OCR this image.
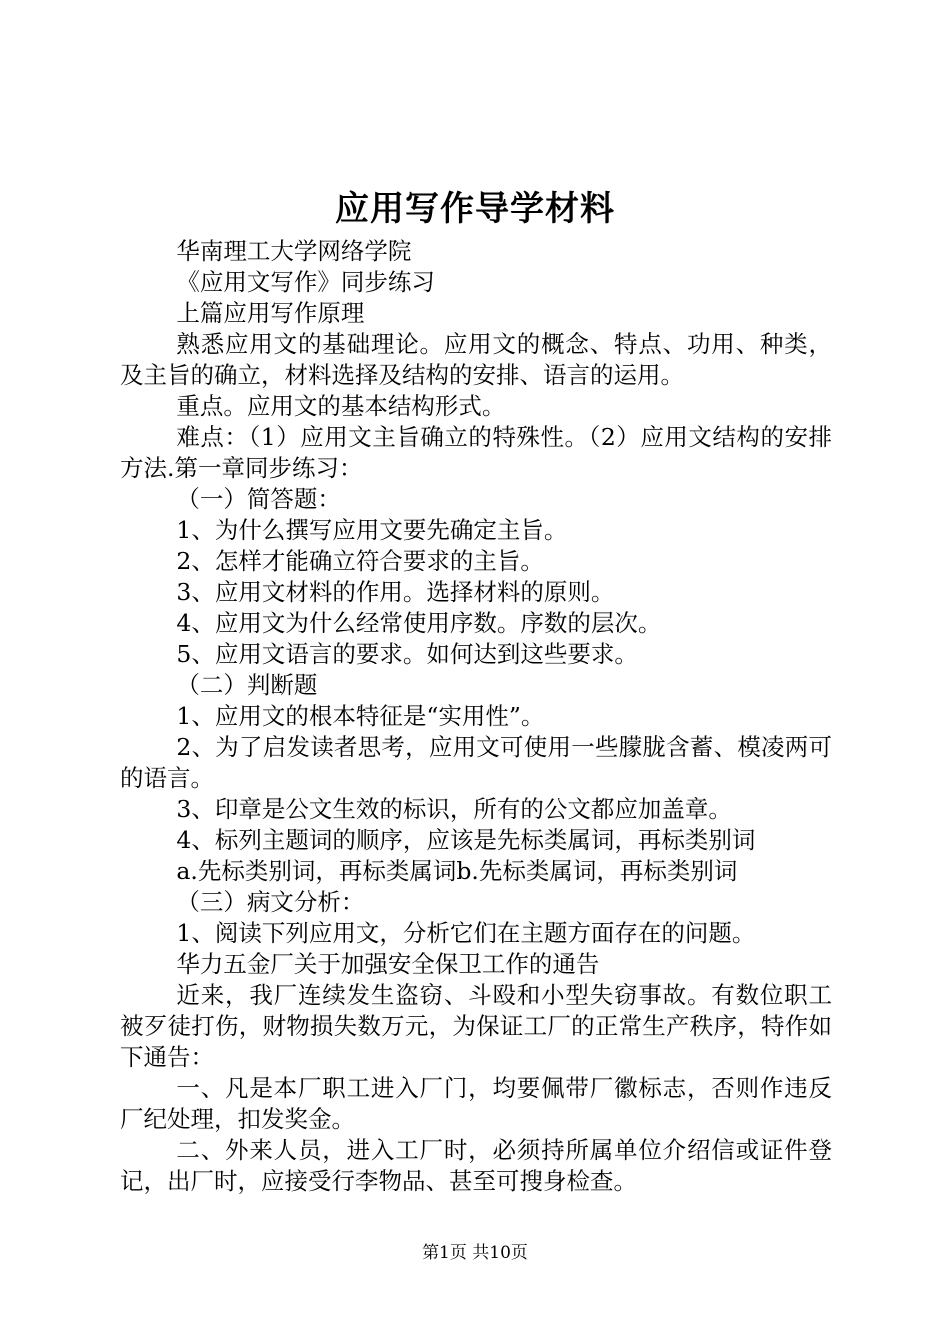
应用写作导学材料

华南理工大学网络学院

《应用文写作》同步练习

上篇应用写作原理

熟悉应用文的基础理论。应用文的概念、特点、功用、种类，及主旨的确立，材料选择及结构的安排、语言的运用。

重点。应用文的基本结构形式。

难点：（1）应用文主旨确立的特殊性。（2）应用文结构的安排方法.第一章同步练习：

（一）简答题：

1、为什么撰写应用文要先确定主旨。

2、怎样才能确立符合要求的主旨。

3、应用文材料的作用。选择材料的原则。

4、应用文为什么经常使用序数。序数的层次。

5、应用文语言的要求。如何达到这些要求。

（二）判断题

1、应用文的根本特征是“实用性”。

2、为了启发读者思考，应用文可使用一些朦胧含蓄、模凌两可的语言。

3、印章是公文生效的标识，所有的公文都应加盖章。

4、标列主题词的顺序，应该是先标类属词，再标类别词

a.先标类别词，再标类属词b.先标类属词，再标类别词

（三）病文分析：

1、阅读下列应用文，分析它们在主题方面存在的问题。

华力五金厂关于加强安全保卫工作的通告

近来，我厂连续发生盗窃、斗殴和小型失窃事故。有数位职工被歹徒打伤，财物损失数万元，为保证工厂的正常生产秩序，特作如下通告：

一、凡是本厂职工进入厂门，均要佩带厂徽标志，否则作违反厂纪处理，扣发奖金。

二、外来人员，进入工厂时，必须持所属单位介绍信或证件登记，出厂时，应接受行李物品、甚至可搜身检查。

第1页 共10页
